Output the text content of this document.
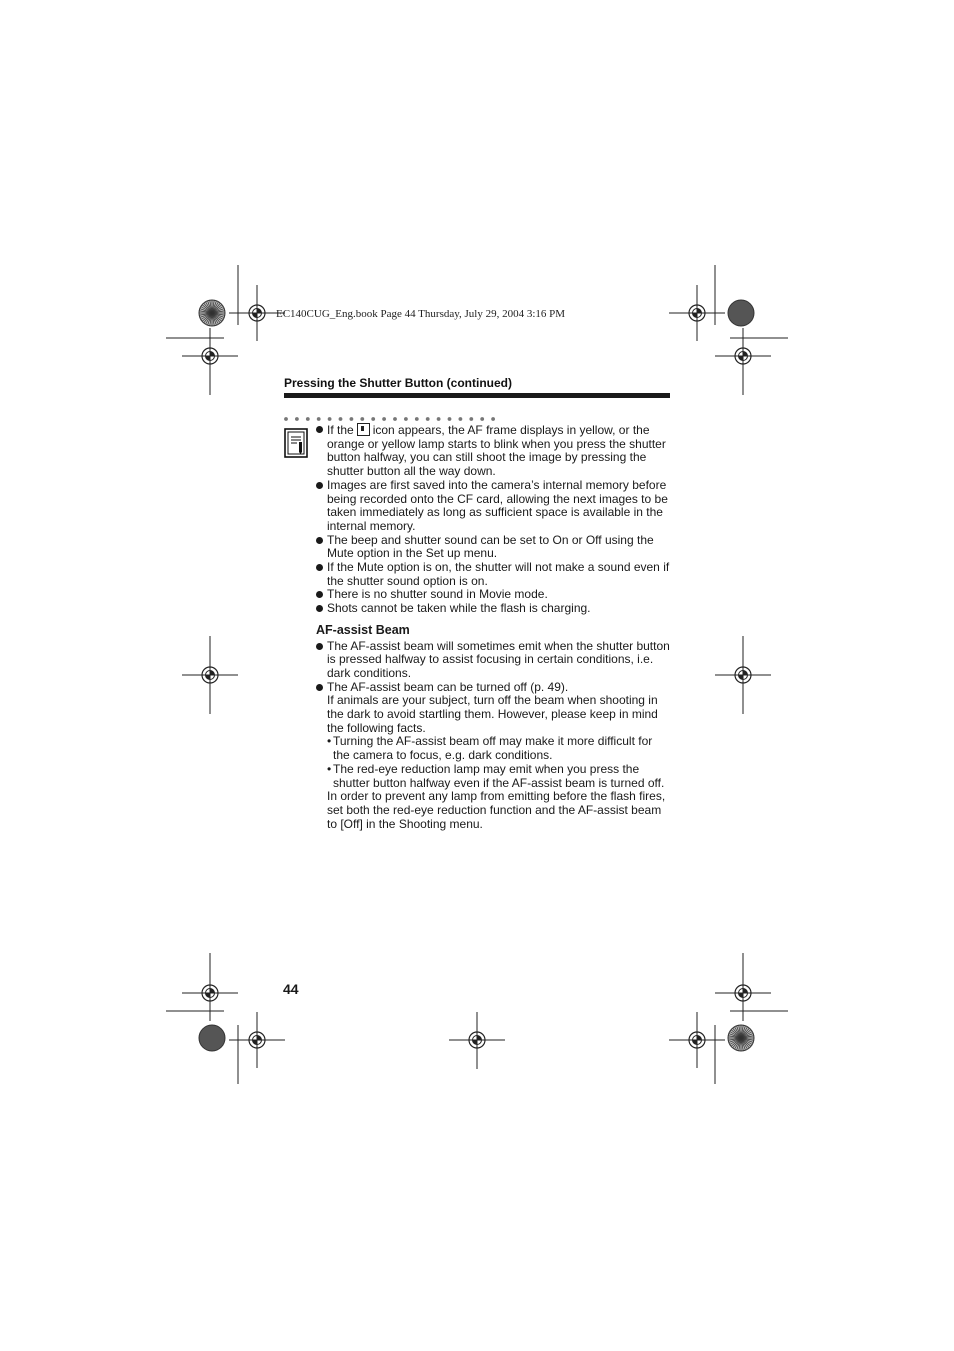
EC140CUG_Eng.book Page 44 Thursday, July 29, 2004 3:16 PM
Pressing the Shutter Button (continued)

If the icon appears, the AF frame displays in yellow, or the orange or yellow lamp starts to blink when you press the shutter button halfway, you can still shoot the image by pressing the shutter button all the way down.

Images are first saved into the camera’s internal memory before being recorded onto the CF card, allowing the next images to be taken immediately as long as sufficient space is available in the internal memory.

The beep and shutter sound can be set to On or Off using the Mute option in the Set up menu.

If the Mute option is on, the shutter will not make a sound even if the shutter sound option is on.

There is no shutter sound in Movie mode.

Shots cannot be taken while the flash is charging.

AF-assist Beam

The AF-assist beam will sometimes emit when the shutter button is pressed halfway to assist focusing in certain conditions, i.e. dark conditions.

The AF-assist beam can be turned off (p. 49).

If animals are your subject, turn off the beam when shooting in the dark to avoid startling them. However, please keep in mind the following facts.

• Turning the AF-assist beam off may make it more difficult for the camera to focus, e.g. dark conditions.

• The red-eye reduction lamp may emit when you press the shutter button halfway even if the AF-assist beam is turned off.

In order to prevent any lamp from emitting before the flash fires, set both the red-eye reduction function and the AF-assist beam to [Off] in the Shooting menu.

44
